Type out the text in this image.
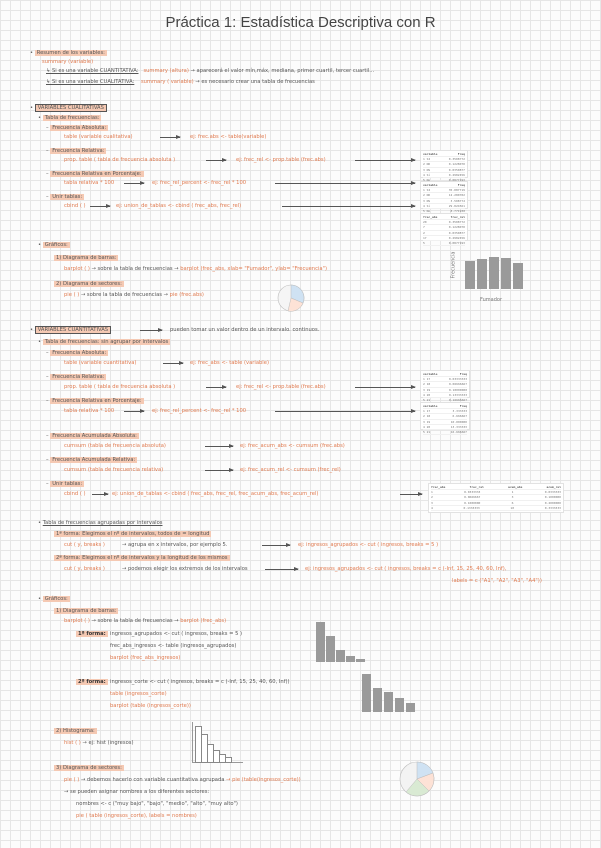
Práctica 1: Estadística Descriptiva con R
• Resumen de los variables:
summary (variable)
↳ Si es una variable CUANTITATIVA: summary (altura) → aparecerá el valor mín,máx, mediana, primer cuartil, tercer cuartil...
↳ Si es una variable CUALITATIVA: summary ( variable) → es necesario crear una tabla de frecuencias
• VARIABLES CUALITATIVAS
• Tabla de frecuencias:
– Frecuencia Absoluta:
table (variable cualitativa)	ej: frec.abs <- table(variable)
– Frecuencia Relativa:
prop. table ( tabla de frecuencia absoluta )	ej: frec_rel <- prop.table (frec.abs)
– Frecuencia Relativa en Porcentaje:
tabla relativa * 100	ej: frec_rel_percent <- frec_rel * 100
– Unir tablas:
cbind ( )	ej: union_de_tablas <- cbind ( frec_abs, frec_rel)
variable	Freq
1 SI	0.3508772
2 NO	0.1228070
3 NS	0.0350877
4 Sí	0.2982456
variable	Freq
1 SI	35.087719
2 NO	12.280702
3 NS	3.508772
4 Sí	29.824561
5 No	8.771930
frec_abs	frec_rel
20	0.3508772
7	0.1228070
2	0.0350877
17	0.2982456
5	0.0877193
• Gráficos:
1) Diagrama de barras:
barplot ( ) → sobre la tabla de frecuencias → barplot (frec_abs, xlab= "Fumador", ylab= "Frecuencia")
2) Diagrama de sectores:
pie ( ) → sobre la tabla de frecuencias → pie (frec.abs)
Frecuencia
Fumador
• VARIABLES CUANTITATIVAS	pueden tomar un valor dentro de un intervalo. continuos.
• Tabla de frecuencias: sin agrupar por intervalos
– Frecuencia Absoluta:
table (variable cuantitativa)	ej: frec_abs <- table (variable)
– Frecuencia Relativa:
prop. table ( tabla de frecuencia absoluta )	ej: frec_rel <- prop.table (frec.abs)
– Frecuencia Relativa en Porcentaje:
tabla relativa * 100	ej: frec_rel_percent <- frec_rel * 100
variable	Freq
1 17	0.03333333
2 18	0.06666667
3 19	0.10000000
4 20	0.13333333
5 21	0.16666667
variable	Freq
1 17	3.333333
2 18	6.666667
3 19	10.000000
4 20	13.333333
5 21	16.666667
– Frecuencia Acumulada Absoluta:
cumsum (tabla de frecuencia absoluta)	ej: frec_acum_abs <- cumsum (frec.abs)
– Frecuencia Acumulada Relativa:
cumsum (tabla de frecuencia relativa)	ej: frec_acum_rel <- cumsum (frec_rel)
– Unir tablas:
cbind ( )	ej: union_de_tablas <- cbind ( frec_abs, frec_rel, frec_acum_abs, frec_acum_rel)
frec_abs	frec_rel	acum_abs	acum_rel
1	0.0333333	1	0.0333333
2	0.0666667	3	0.1000000
3	0.1000000	6	0.2000000
4	0.1333333	10	0.3333333
• Tabla de frecuencias agrupadas por intervalos
1ª forma: Elegimos el nº de intervalos, todos de = longitud
cut ( y, breaks )	→ agrupa en x intervalos, por ejemplo 5.	ej: ingresos_agrupados <- cut ( ingresos, breaks = 5 )
2ª forma: Elegimos el nº de intervalos y la longitud de los mismos
cut ( y, breaks )	→ podemos elegir los extremos de los intervalos	ej: ingresos_agrupados <- cut ( ingresos, breaks = c (-Inf, 15, 25, 40, 60, Inf),
labels = c ("A1", "A2", "A3", "A4"))
• Gráficos:
1) Diagrama de barras:
barplot ( ) → sobre la tabla de frecuencias → barplot (frec_abs)
1ª forma: ingresos_agrupados <- cut ( ingresos, breaks = 5 )
frec_abs_ingresos <- table (ingresos_agrupados)
barplot (frec_abs_ingresos)
2ª forma: ingresos_corte <- cut ( ingresos, breaks = c (-Inf, 15, 25, 40, 60, Inf))
table (ingresos_corte)
barplot (table (ingresos_corte))
2) Histograma:
hist ( ) → ej: hist (ingresos)
3) Diagrama de sectores:
pie ( ) → debemos hacerlo con variable cuantitativa agrupada → pie (table(ingresos_corte))
→ se pueden asignar nombres a los diferentes sectores:
nombres <- c ("muy bajo", "bajo", "medio", "alto", "muy alto")
pie ( table (ingresos_corte), labels = nombres)
